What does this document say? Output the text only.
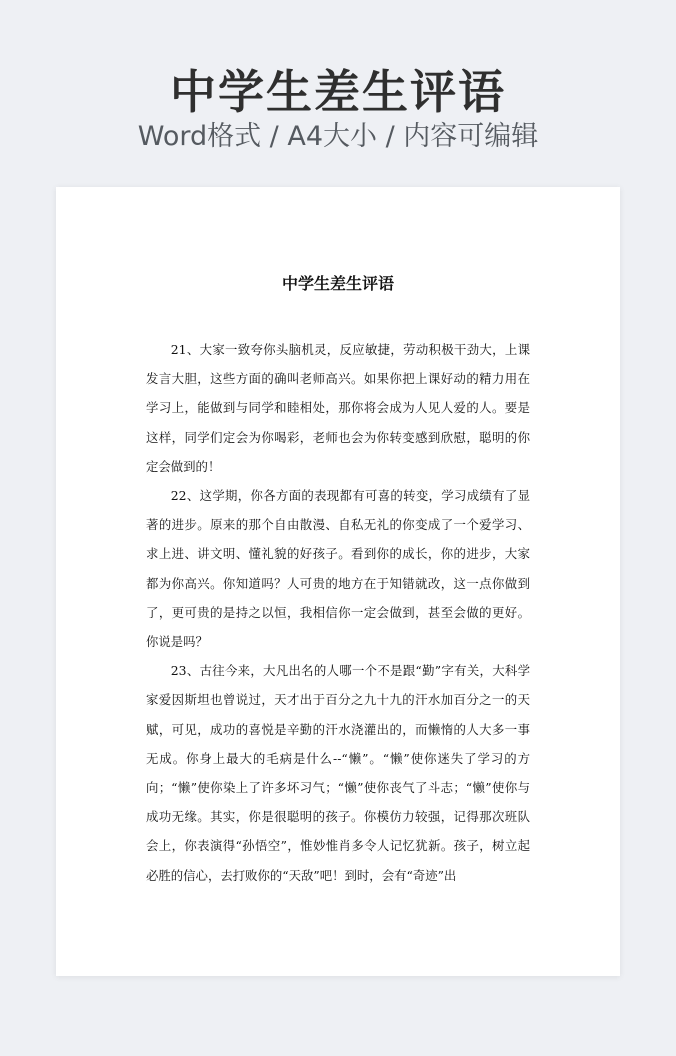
中学生差生评语
Word格式 / A4大小 / 内容可编辑
中学生差生评语

21、大家一致夸你头脑机灵，反应敏捷，劳动积极干劲大，上课发言大胆，这些方面的确叫老师高兴。如果你把上课好动的精力用在学习上，能做到与同学和睦相处，那你将会成为人见人爱的人。要是这样，同学们定会为你喝彩，老师也会为你转变感到欣慰，聪明的你定会做到的！

22、这学期，你各方面的表现都有可喜的转变，学习成绩有了显著的进步。原来的那个自由散漫、自私无礼的你变成了一个爱学习、求上进、讲文明、懂礼貌的好孩子。看到你的成长，你的进步，大家都为你高兴。你知道吗？人可贵的地方在于知错就改，这一点你做到了，更可贵的是持之以恒，我相信你一定会做到，甚至会做的更好。你说是吗？

23、古往今来，大凡出名的人哪一个不是跟“勤”字有关，大科学家爱因斯坦也曾说过，天才出于百分之九十九的汗水加百分之一的天赋，可见，成功的喜悦是辛勤的汗水浇灌出的，而懒惰的人大多一事无成。你身上最大的毛病是什么--“懒”。“懒”使你迷失了学习的方向；“懒”使你染上了许多坏习气；“懒”使你丧气了斗志；“懒”使你与成功无缘。其实，你是很聪明的孩子。你模仿力较强，记得那次班队会上，你表演得“孙悟空”，惟妙惟肖多令人记忆犹新。孩子，树立起必胜的信心，去打败你的“天敌”吧！到时，会有“奇迹”出
